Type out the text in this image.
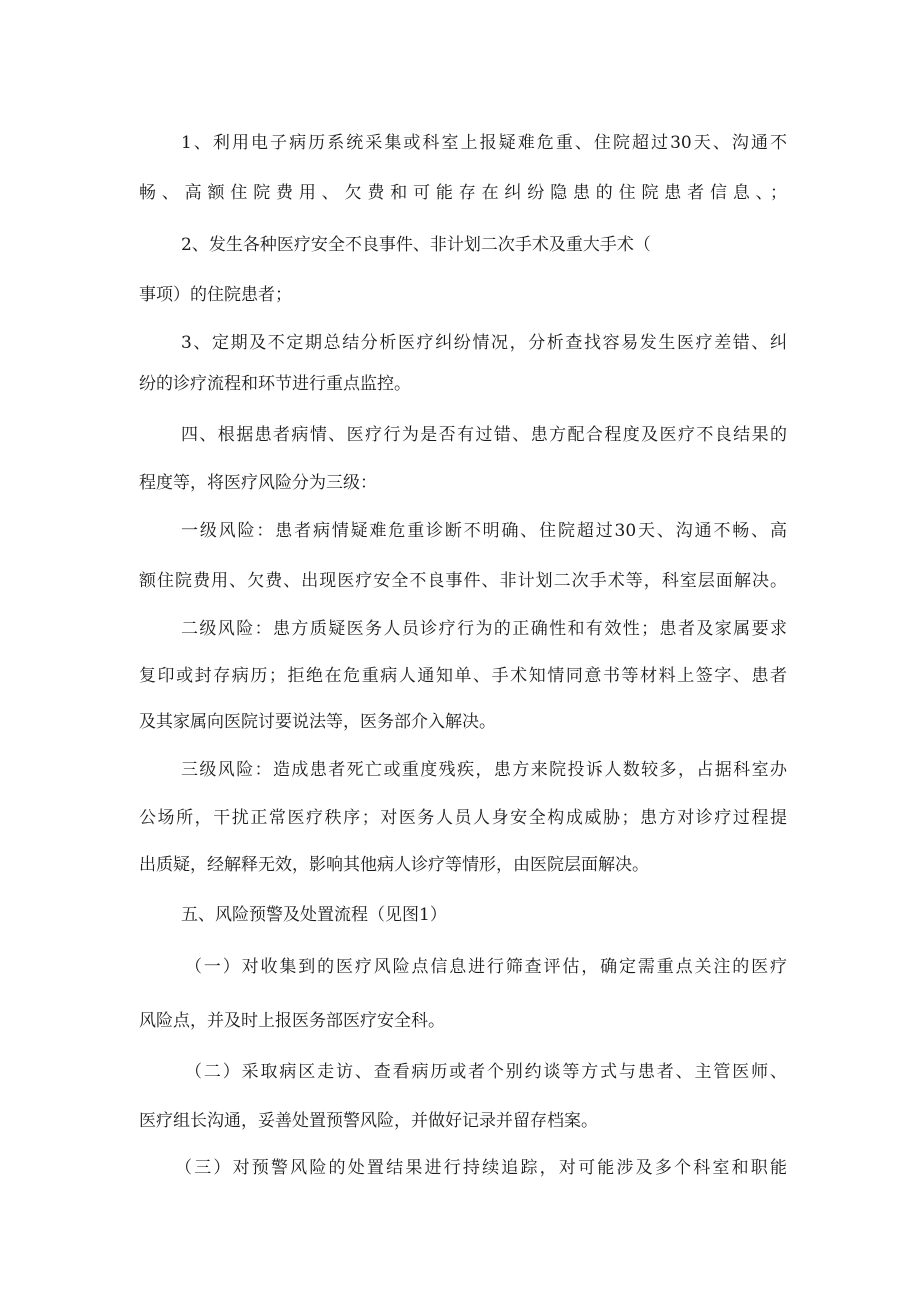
1、利用电子病历系统采集或科室上报疑难危重、住院超过30天、沟通不

畅、高额住院费用、欠费和可能存在纠纷隐患的住院患者信息、；

2、发生各种医疗安全不良事件、非计划二次手术及重大手术（

事项）的住院患者；

3、定期及不定期总结分析医疗纠纷情况，分析查找容易发生医疗差错、纠

纷的诊疗流程和环节进行重点监控。

四、根据患者病情、医疗行为是否有过错、患方配合程度及医疗不良结果的

程度等，将医疗风险分为三级：

一级风险：患者病情疑难危重诊断不明确、住院超过30天、沟通不畅、高

额住院费用、欠费、出现医疗安全不良事件、非计划二次手术等，科室层面解决。

二级风险：患方质疑医务人员诊疗行为的正确性和有效性；患者及家属要求

复印或封存病历；拒绝在危重病人通知单、手术知情同意书等材料上签字、患者

及其家属向医院讨要说法等，医务部介入解决。

三级风险：造成患者死亡或重度残疾，患方来院投诉人数较多，占据科室办

公场所，干扰正常医疗秩序；对医务人员人身安全构成威胁；患方对诊疗过程提

出质疑，经解释无效，影响其他病人诊疗等情形，由医院层面解决。

五、风险预警及处置流程（见图1）

（一）对收集到的医疗风险点信息进行筛查评估，确定需重点关注的医疗

风险点，并及时上报医务部医疗安全科。

（二）采取病区走访、查看病历或者个别约谈等方式与患者、主管医师、

医疗组长沟通，妥善处置预警风险，并做好记录并留存档案。

（三）对预警风险的处置结果进行持续追踪，对可能涉及多个科室和职能
